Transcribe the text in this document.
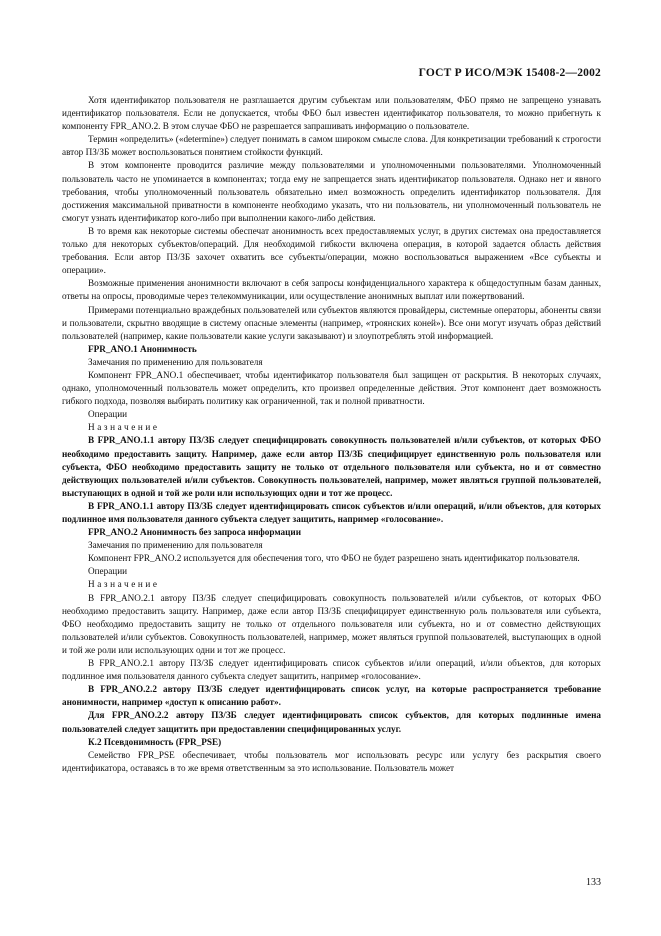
ГОСТ Р ИСО/МЭК 15408-2—2002

Хотя идентификатор пользователя не разглашается другим субъектам или пользователям, ФБО прямо не запрещено узнавать идентификатор пользователя. Если не допускается, чтобы ФБО был известен идентификатор пользователя, то можно прибегнуть к компоненту FPR_ANO.2. В этом случае ФБО не разрешается запрашивать информацию о пользователе.

Термин «определить» («determine») следует понимать в самом широком смысле слова. Для конкретизации требований к строгости автор ПЗ/ЗБ может воспользоваться понятием стойкости функций.

В этом компоненте проводится различие между пользователями и уполномоченными пользователями. Уполномоченный пользователь часто не упоминается в компонентах; тогда ему не запрещается знать идентификатор пользователя. Однако нет и явного требования, чтобы уполномоченный пользователь обязательно имел возможность определить идентификатор пользователя. Для достижения максимальной приватности в компоненте необходимо указать, что ни пользователь, ни уполномоченный пользователь не смогут узнать идентификатор кого-либо при выполнении какого-либо действия.

В то время как некоторые системы обеспечат анонимность всех предоставляемых услуг, в других системах она предоставляется только для некоторых субъектов/операций. Для необходимой гибкости включена операция, в которой задается область действия требования. Если автор ПЗ/ЗБ захочет охватить все субъекты/операции, можно воспользоваться выражением «Все субъекты и операции».

Возможные применения анонимности включают в себя запросы конфиденциального характера к общедоступным базам данных, ответы на опросы, проводимые через телекоммуникации, или осуществление анонимных выплат или пожертвований.

Примерами потенциально враждебных пользователей или субъектов являются провайдеры, системные операторы, абоненты связи и пользователи, скрытно вводящие в систему опасные элементы (например, «троянских коней»). Все они могут изучать образ действий пользователей (например, какие пользователи какие услуги заказывают) и злоупотреблять этой информацией.

FPR_ANO.1 Анонимность

Замечания по применению для пользователя

Компонент FPR_ANO.1 обеспечивает, чтобы идентификатор пользователя был защищен от раскрытия. В некоторых случаях, однако, уполномоченный пользователь может определить, кто произвел определенные действия. Этот компонент дает возможность гибкого подхода, позволяя выбирать политику как ограниченной, так и полной приватности.

Операции

Назначение

В FPR_ANO.1.1 автору ПЗ/ЗБ следует специфицировать совокупность пользователей и/или субъектов, от которых ФБО необходимо предоставить защиту. Например, даже если автор ПЗ/ЗБ специфицирует единственную роль пользователя или субъекта, ФБО необходимо предоставить защиту не только от отдельного пользователя или субъекта, но и от совместно действующих пользователей и/или субъектов. Совокупность пользователей, например, может являться группой пользователей, выступающих в одной и той же роли или использующих одни и тот же процесс.

В FPR_ANO.1.1 автору ПЗ/ЗБ следует идентифицировать список субъектов и/или операций, и/или объектов, для которых подлинное имя пользователя данного субъекта следует защитить, например «голосование».

FPR_ANO.2 Анонимность без запроса информации

Замечания по применению для пользователя

Компонент FPR_ANO.2 используется для обеспечения того, что ФБО не будет разрешено знать идентификатор пользователя.

Операции

Назначение

В FPR_ANO.2.1 автору ПЗ/ЗБ следует специфицировать совокупность пользователей и/или субъектов, от которых ФБО необходимо предоставить защиту. Например, даже если автор ПЗ/ЗБ специфицирует единственную роль пользователя или субъекта, ФБО необходимо предоставить защиту не только от отдельного пользователя или субъекта, но и от совместно действующих пользователей и/или субъектов. Совокупность пользователей, например, может являться группой пользователей, выступающих в одной и той же роли или использующих одни и тот же процесс.

В FPR_ANO.2.1 автору ПЗ/ЗБ следует идентифицировать список субъектов и/или операций, и/или объектов, для которых подлинное имя пользователя данного субъекта следует защитить, например «голосование».

В FPR_ANO.2.2 автору ПЗ/ЗБ следует идентифицировать список услуг, на которые распространяется требование анонимности, например «доступ к описанию работ».

Для FPR_ANO.2.2 автору ПЗ/ЗБ следует идентифицировать список субъектов, для которых подлинные имена пользователей следует защитить при предоставлении специфицированных услуг.

К.2 Псевдонимность (FPR_PSE)

Семейство FPR_PSE обеспечивает, чтобы пользователь мог использовать ресурс или услугу без раскрытия своего идентификатора, оставаясь в то же время ответственным за это использование. Пользователь может

133
